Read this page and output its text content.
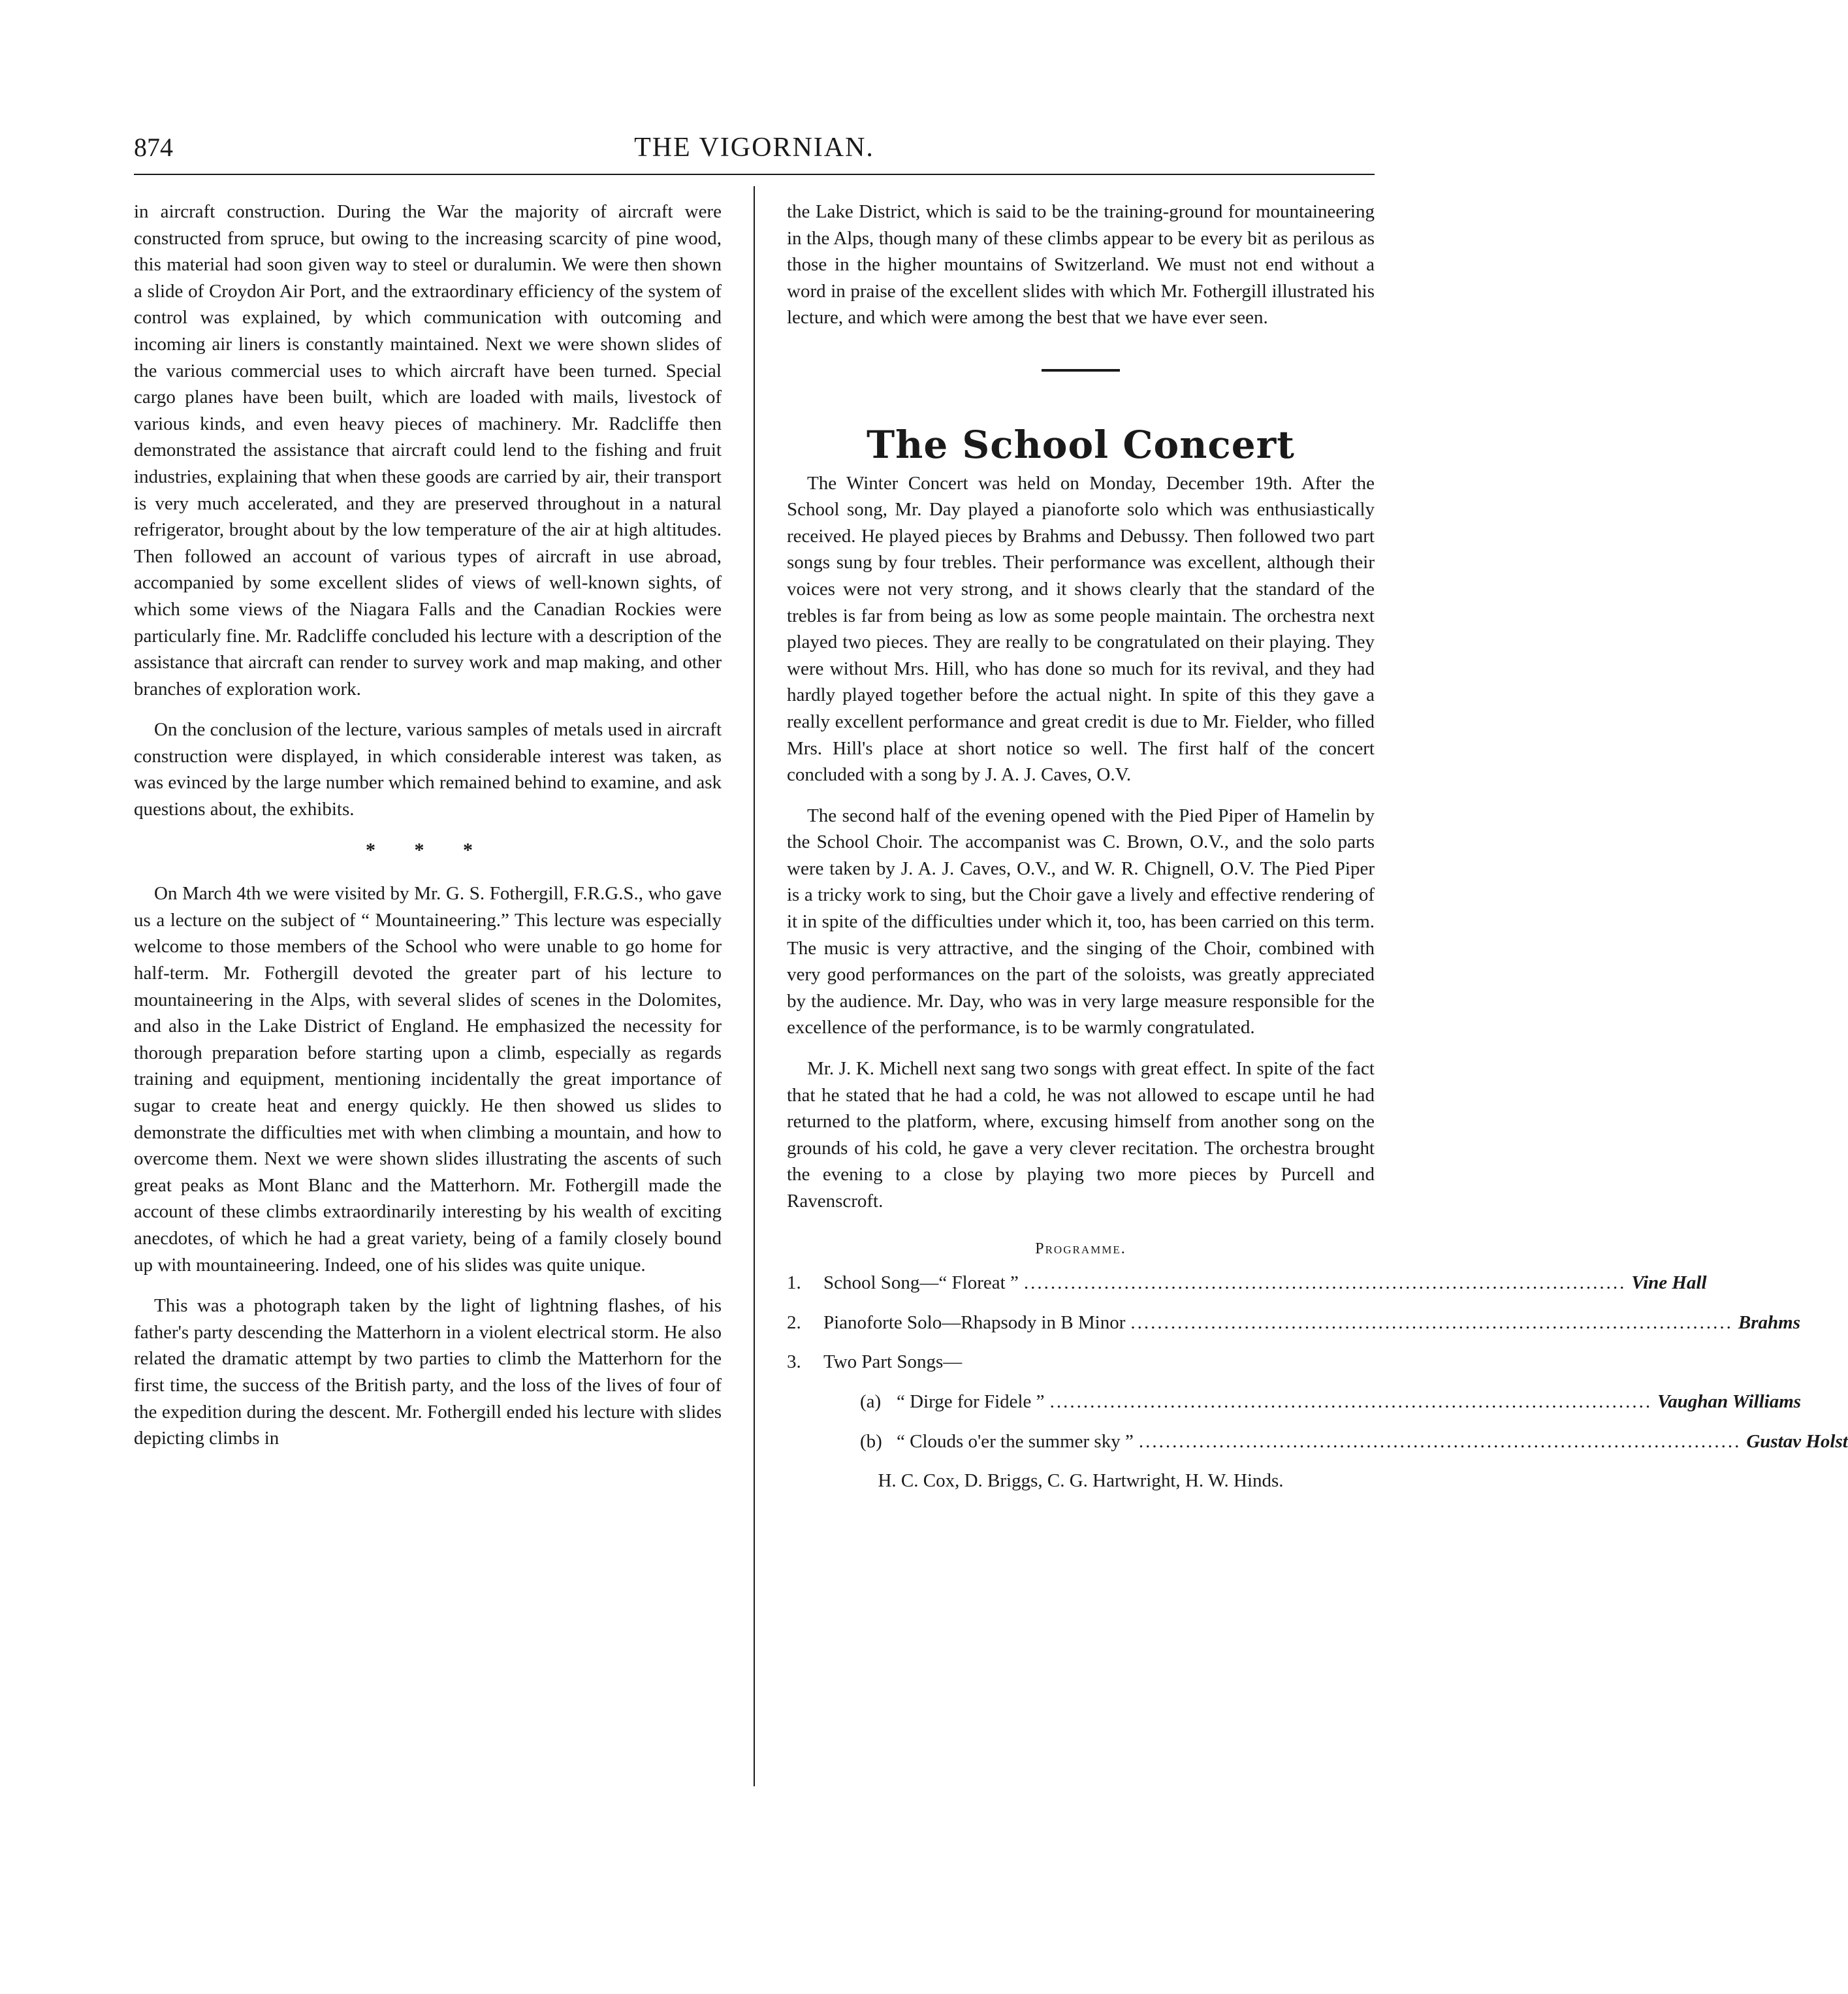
874	THE VIGORNIAN.

in aircraft construction. During the War the majority of aircraft were constructed from spruce, but owing to the increasing scarcity of pine wood, this material had soon given way to steel or duralumin. We were then shown a slide of Croydon Air Port, and the extraordinary efficiency of the system of control was explained, by which communication with outcoming and incoming air liners is constantly maintained. Next we were shown slides of the various commercial uses to which aircraft have been turned. Special cargo planes have been built, which are loaded with mails, livestock of various kinds, and even heavy pieces of machinery. Mr. Radcliffe then demonstrated the assistance that aircraft could lend to the fishing and fruit industries, explaining that when these goods are carried by air, their transport is very much accelerated, and they are preserved throughout in a natural refrigerator, brought about by the low temperature of the air at high altitudes. Then followed an account of various types of aircraft in use abroad, accompanied by some excellent slides of views of well-known sights, of which some views of the Niagara Falls and the Canadian Rockies were particularly fine. Mr. Radcliffe concluded his lecture with a description of the assistance that aircraft can render to survey work and map making, and other branches of exploration work.

On the conclusion of the lecture, various samples of metals used in aircraft construction were displayed, in which considerable interest was taken, as was evinced by the large number which remained behind to examine, and ask questions about, the exhibits.

* * *

On March 4th we were visited by Mr. G. S. Fothergill, F.R.G.S., who gave us a lecture on the subject of “ Mountaineering.” This lecture was especially welcome to those members of the School who were unable to go home for half-term. Mr. Fothergill devoted the greater part of his lecture to mountaineering in the Alps, with several slides of scenes in the Dolomites, and also in the Lake District of England. He emphasized the necessity for thorough preparation before starting upon a climb, especially as regards training and equipment, mentioning incidentally the great importance of sugar to create heat and energy quickly. He then showed us slides to demonstrate the difficulties met with when climbing a mountain, and how to overcome them. Next we were shown slides illustrating the ascents of such great peaks as Mont Blanc and the Matterhorn. Mr. Fothergill made the account of these climbs extraordinarily interesting by his wealth of exciting anecdotes, of which he had a great variety, being of a family closely bound up with mountaineering. Indeed, one of his slides was quite unique.

This was a photograph taken by the light of lightning flashes, of his father's party descending the Matterhorn in a violent electrical storm. He also related the dramatic attempt by two parties to climb the Matterhorn for the first time, the success of the British party, and the loss of the lives of four of the expedition during the descent. Mr. Fothergill ended his lecture with slides depicting climbs in

the Lake District, which is said to be the training-ground for mountaineering in the Alps, though many of these climbs appear to be every bit as perilous as those in the higher mountains of Switzerland. We must not end without a word in praise of the excellent slides with which Mr. Fothergill illustrated his lecture, and which were among the best that we have ever seen.

The School Concert

The Winter Concert was held on Monday, December 19th. After the School song, Mr. Day played a pianoforte solo which was enthusiastically received. He played pieces by Brahms and Debussy. Then followed two part songs sung by four trebles. Their performance was excellent, although their voices were not very strong, and it shows clearly that the standard of the trebles is far from being as low as some people maintain. The orchestra next played two pieces. They are really to be congratulated on their playing. They were without Mrs. Hill, who has done so much for its revival, and they had hardly played together before the actual night. In spite of this they gave a really excellent performance and great credit is due to Mr. Fielder, who filled Mrs. Hill's place at short notice so well. The first half of the concert concluded with a song by J. A. J. Caves, O.V.

The second half of the evening opened with the Pied Piper of Hamelin by the School Choir. The accompanist was C. Brown, O.V., and the solo parts were taken by J. A. J. Caves, O.V., and W. R. Chignell, O.V. The Pied Piper is a tricky work to sing, but the Choir gave a lively and effective rendering of it in spite of the difficulties under which it, too, has been carried on this term. The music is very attractive, and the singing of the Choir, combined with very good performances on the part of the soloists, was greatly appreciated by the audience. Mr. Day, who was in very large measure responsible for the excellence of the performance, is to be warmly congratulated.

Mr. J. K. Michell next sang two songs with great effect. In spite of the fact that he stated that he had a cold, he was not allowed to escape until he had returned to the platform, where, excusing himself from another song on the grounds of his cold, he gave a very clever recitation. The orchestra brought the evening to a close by playing two more pieces by Purcell and Ravenscroft.

Programme.
1.	School Song—“ Floreat ” .......................................................................................... Vine Hall
2.	Pianoforte Solo—Rhapsody in B Minor .......................................................................................... Brahms
3.	Two Part Songs—
(a) “ Dirge for Fidele ” .......................................................................................... Vaughan Williams
(b) “ Clouds o'er the summer sky ” .......................................................................................... Gustav Holst
H. C. Cox, D. Briggs, C. G. Hartwright, H. W. Hinds.
